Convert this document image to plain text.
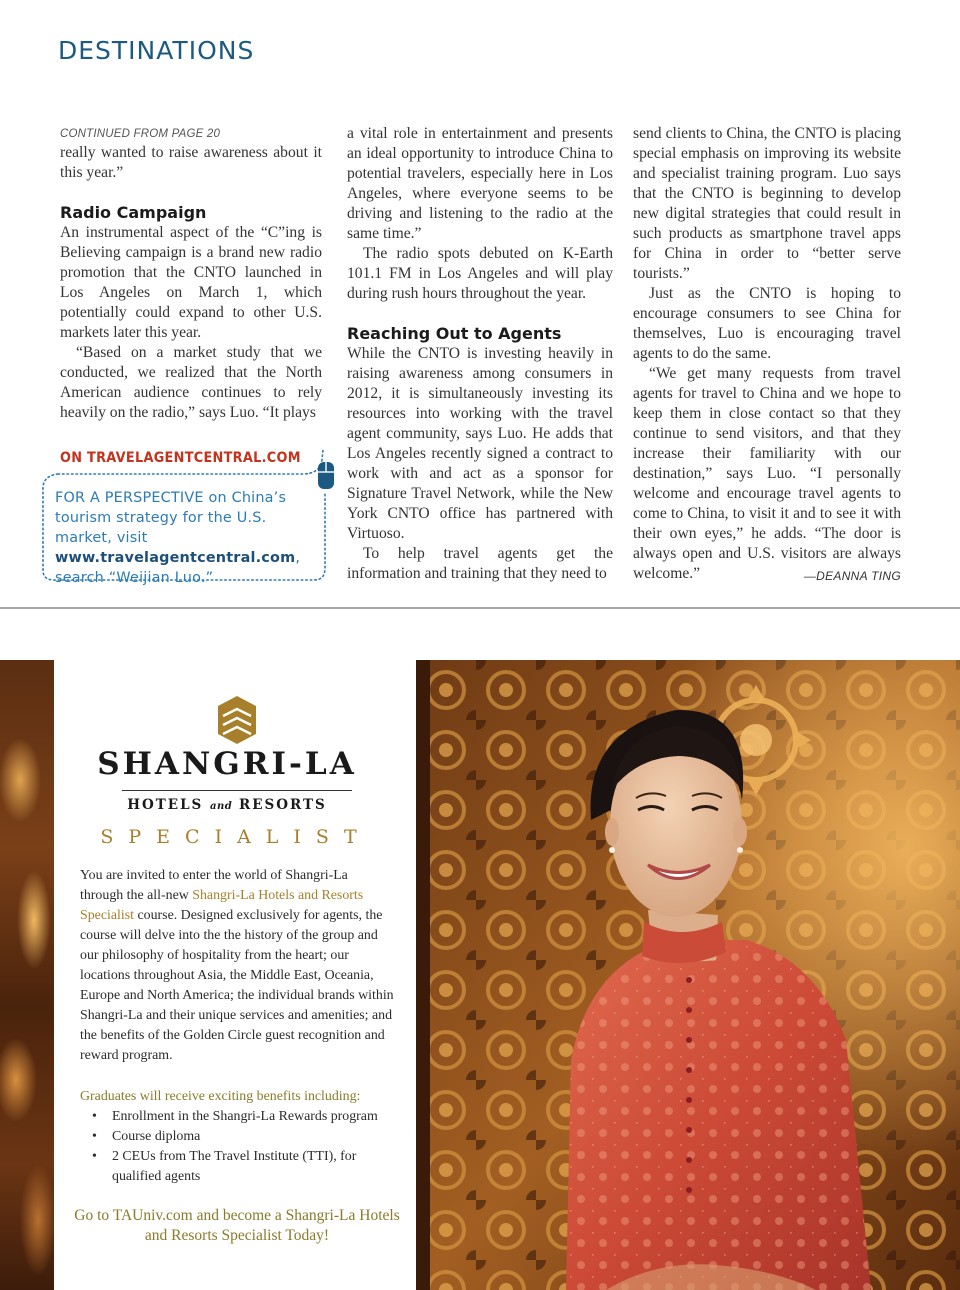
DESTINATIONS
CONTINUED FROM PAGE 20

really wanted to raise awareness about it this year.”

Radio Campaign

An instrumental aspect of the “C”ing is Believing campaign is a brand new radio promotion that the CNTO launched in Los Angeles on March 1, which potentially could expand to other U.S. markets later this year.

“Based on a market study that we conducted, we realized that the North American audience continues to rely heavily on the radio,” says Luo. “It plays

ON TRAVELAGENTCENTRAL.COM
FOR A PERSPECTIVE on China’s tourism strategy for the U.S. market, visit www.travelagentcentral.com, search “Weijian Luo.”

a vital role in entertainment and presents an ideal opportunity to introduce China to potential travelers, especially here in Los Angeles, where everyone seems to be driving and listening to the radio at the same time.”

The radio spots debuted on K-Earth 101.1 FM in Los Angeles and will play during rush hours throughout the year.

Reaching Out to Agents

While the CNTO is investing heavily in raising awareness among consumers in 2012, it is simultaneously investing its resources into working with the travel agent community, says Luo. He adds that Los Angeles recently signed a contract to work with and act as a sponsor for Signature Travel Network, while the New York CNTO office has partnered with Virtuoso.

To help travel agents get the information and training that they need to

send clients to China, the CNTO is placing special emphasis on improving its website and specialist training program. Luo says that the CNTO is beginning to develop new digital strategies that could result in such products as smartphone travel apps for China in order to “better serve tourists.”

Just as the CNTO is hoping to encourage consumers to see China for themselves, Luo is encouraging travel agents to do the same.

“We get many requests from travel agents for travel to China and we hope to keep them in close contact so that they continue to send visitors, and that they increase their familiarity with our destination,” says Luo. “I personally welcome and encourage travel agents to come to China, to visit it and to see it with their own eyes,” he adds. “The door is always open and U.S. visitors are always welcome.”	—DEANNA TING

SHANGRI-LA
HOTELS and RESORTS
SPECIALIST
You are invited to enter the world of Shangri-La through the all-new Shangri-La Hotels and Resorts Specialist course. Designed exclusively for agents, the course will delve into the the history of the group and our philosophy of hospitality from the heart; our locations throughout Asia, the Middle East, Oceania, Europe and North America; the individual brands within Shangri-La and their unique services and amenities; and the benefits of the Golden Circle guest recognition and reward program.
Graduates will receive exciting benefits including:
• Enrollment in the Shangri-La Rewards program
• Course diploma
• 2 CEUs from The Travel Institute (TTI), for qualified agents
Go to TAUniv.com and become a Shangri-La Hotels and Resorts Specialist Today!
